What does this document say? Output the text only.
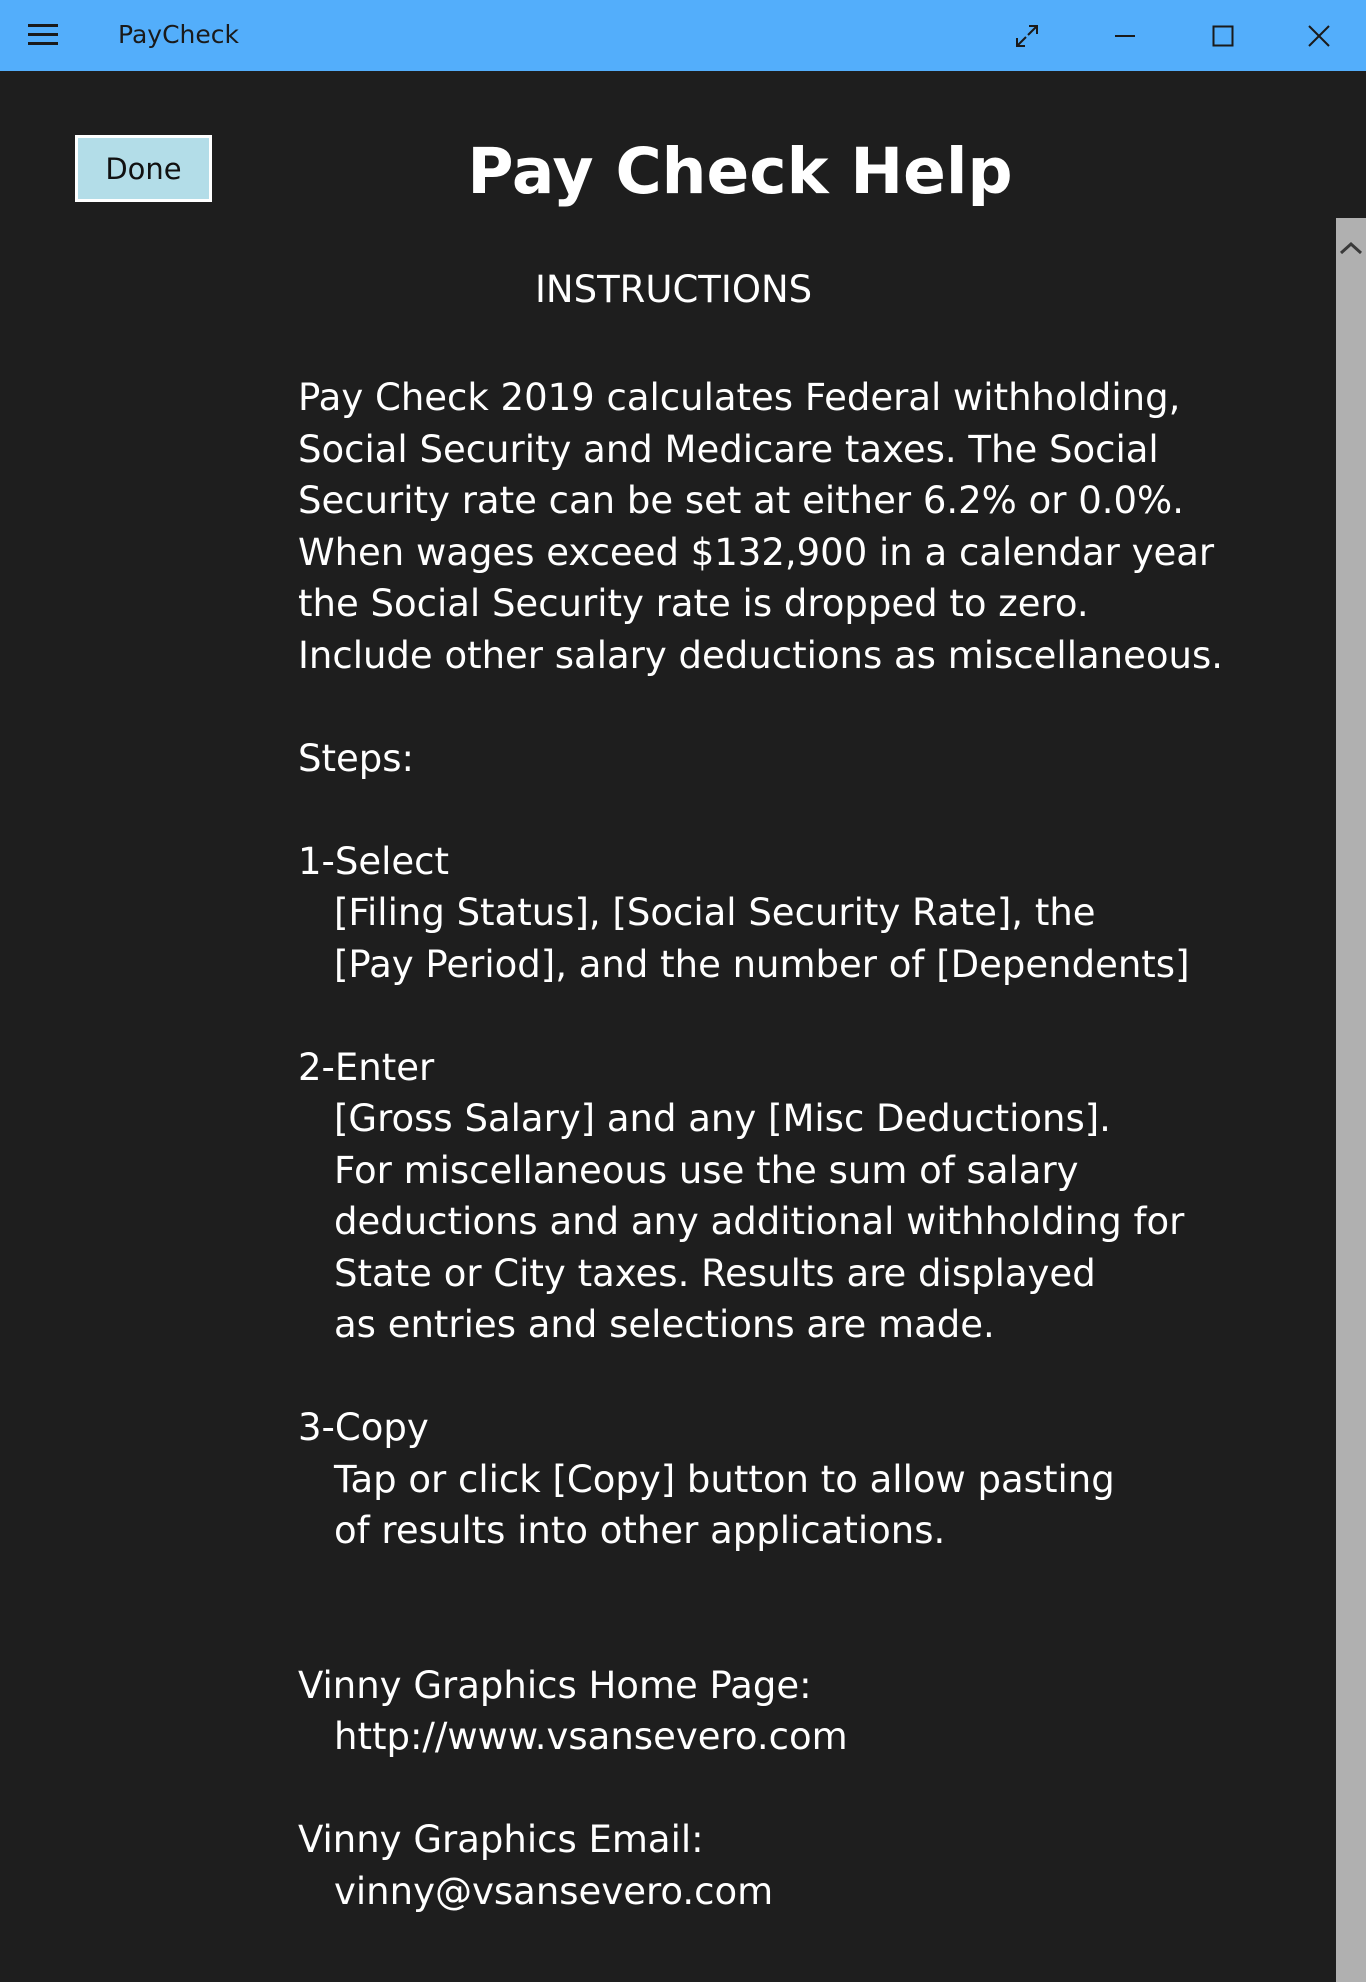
PayCheck
Done	Pay Check Help
INSTRUCTIONS
Pay Check 2019 calculates Federal withholding,
Social Security and Medicare taxes. The Social
Security rate can be set at either 6.2% or 0.0%.
When wages exceed $132,900 in a calendar year
the Social Security rate is dropped to zero.
Include other salary deductions as miscellaneous.
Steps:
1-Select
[Filing Status], [Social Security Rate], the
[Pay Period], and the number of [Dependents]
2-Enter
[Gross Salary] and any [Misc Deductions].
For miscellaneous use the sum of salary
deductions and any additional withholding for
State or City taxes. Results are displayed
as entries and selections are made.
3-Copy
Tap or click [Copy] button to allow pasting
of results into other applications.
Vinny Graphics Home Page:
http://www.vsansevero.com
Vinny Graphics Email:
vinny@vsansevero.com
